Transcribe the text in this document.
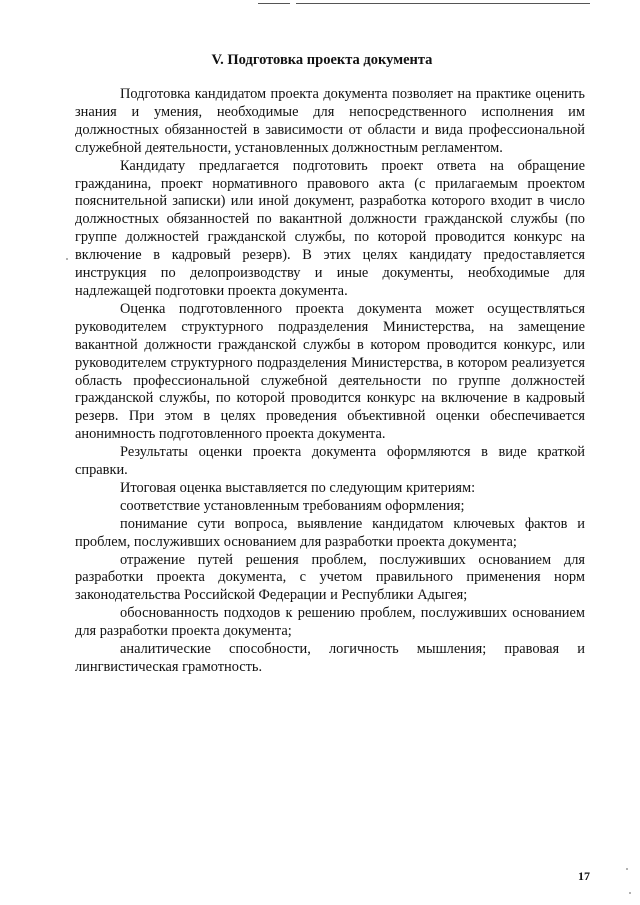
V. Подготовка проекта документа

Подготовка кандидатом проекта документа позволяет на практике оценить знания и умения, необходимые для непосредственного исполнения им должностных обязанностей в зависимости от области и вида профессиональной служебной деятельности, установленных должностным регламентом.

Кандидату предлагается подготовить проект ответа на обращение гражданина, проект нормативного правового акта (с прилагаемым проектом пояснительной записки) или иной документ, разработка которого входит в число должностных обязанностей по вакантной должности гражданской службы (по группе должностей гражданской службы, по которой проводится конкурс на включение в кадровый резерв). В этих целях кандидату предоставляется инструкция по делопроизводству и иные документы, необходимые для надлежащей подготовки проекта документа.

Оценка подготовленного проекта документа может осуществляться руководителем структурного подразделения Министерства, на замещение вакантной должности гражданской службы в котором проводится конкурс, или руководителем структурного подразделения Министерства, в котором реализуется область профессиональной служебной деятельности по группе должностей гражданской службы, по которой проводится конкурс на включение в кадровый резерв. При этом в целях проведения объективной оценки обеспечивается анонимность подготовленного проекта документа.

Результаты оценки проекта документа оформляются в виде краткой справки.

Итоговая оценка выставляется по следующим критериям:

соответствие установленным требованиям оформления;

понимание сути вопроса, выявление кандидатом ключевых фактов и проблем, послуживших основанием для разработки проекта документа;

отражение путей решения проблем, послуживших основанием для разработки проекта документа, с учетом правильного применения норм законодательства Российской Федерации и Республики Адыгея;

обоснованность подходов к решению проблем, послуживших основанием для разработки проекта документа;

аналитические способности, логичность мышления; правовая и лингвистическая грамотность.

17
